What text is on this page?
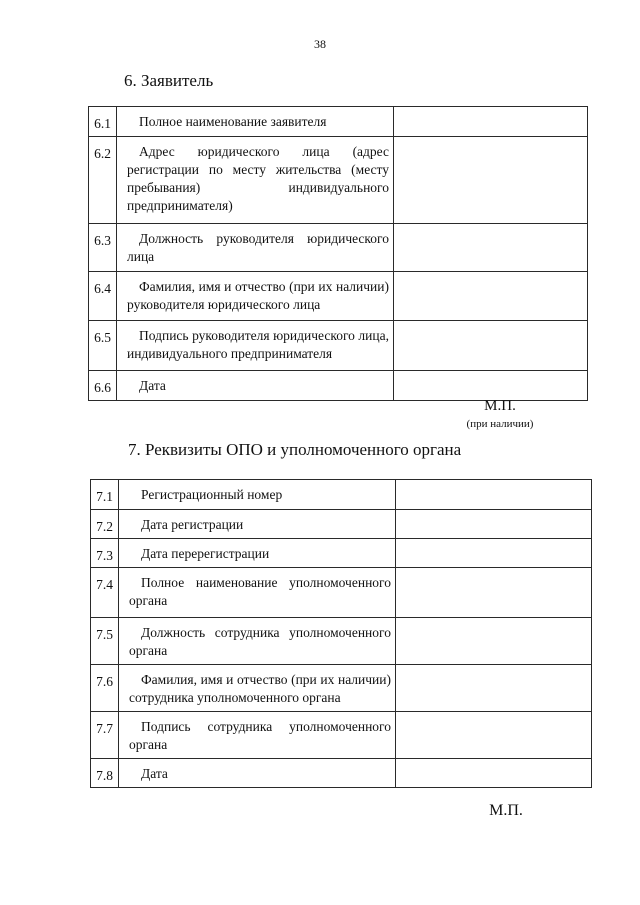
38
6. Заявитель
6.1	Полное наименование заявителя	
6.2	Адрес юридического лица (адрес регистрации по месту жительства (месту пребывания) индивидуального предпринимателя)	
6.3	Должность руководителя юридического лица	
6.4	Фамилия, имя и отчество (при их наличии) руководителя юридического лица	
6.5	Подпись руководителя юридического лица, индивидуального предпринимателя	
6.6	Дата	
М.П.
(при наличии)
7. Реквизиты ОПО и уполномоченного органа
7.1	Регистрационный номер	
7.2	Дата регистрации	
7.3	Дата перерегистрации	
7.4	Полное наименование уполномоченного органа	
7.5	Должность сотрудника уполномоченного органа	
7.6	Фамилия, имя и отчество (при их наличии) сотрудника уполномоченного органа	
7.7	Подпись сотрудника уполномоченного органа	
7.8	Дата	
М.П.
